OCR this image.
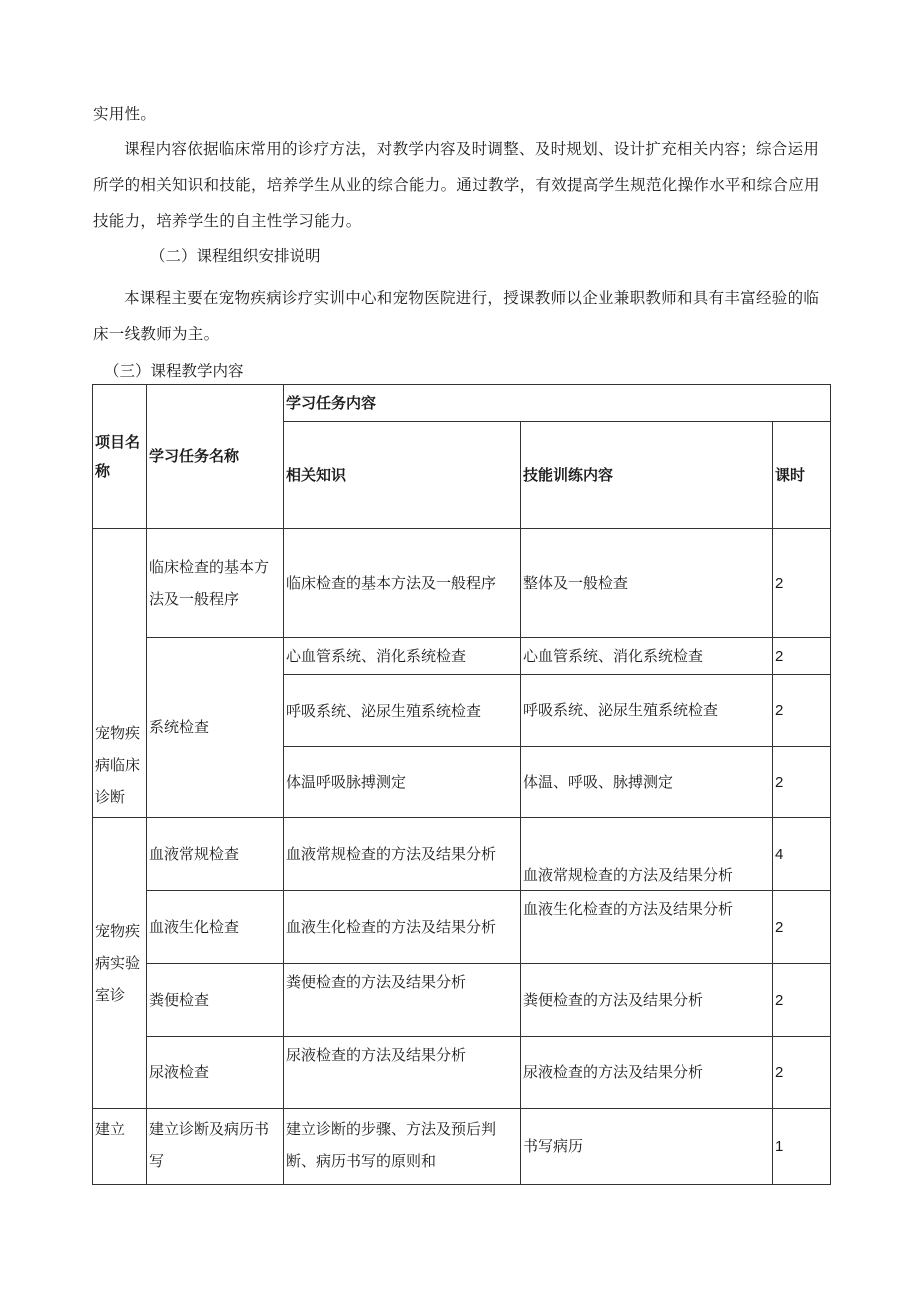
实用性。

课程内容依据临床常用的诊疗方法，对教学内容及时调整、及时规划、设计扩充相关内容；综合运用所学的相关知识和技能，培养学生从业的综合能力。通过教学，有效提高学生规范化操作水平和综合应用技能力，培养学生的自主性学习能力。

（二）课程组织安排说明

本课程主要在宠物疾病诊疗实训中心和宠物医院进行，授课教师以企业兼职教师和具有丰富经验的临床一线教师为主。

（三）课程教学内容

项目名称	学习任务名称	学习任务内容		
		相关知识	技能训练内容	课时
宠物疾病临床诊断	临床检查的基本方法及一般程序	临床检查的基本方法及一般程序	整体及一般检查	2
	系统检查	心血管系统、消化系统检查	心血管系统、消化系统检查	2
		呼吸系统、泌尿生殖系统检查	呼吸系统、泌尿生殖系统检查	2
		体温呼吸脉搏测定	体温、呼吸、脉搏测定	2
宠物疾病实验室诊	血液常规检查	血液常规检查的方法及结果分析	血液常规检查的方法及结果分析	4
	血液生化检查	血液生化检查的方法及结果分析	血液生化检查的方法及结果分析	2
	粪便检查	粪便检查的方法及结果分析	粪便检查的方法及结果分析	2
	尿液检查	尿液检查的方法及结果分析	尿液检查的方法及结果分析	2
建立	建立诊断及病历书写	建立诊断的步骤、方法及预后判断、病历书写的原则和	书写病历	1
